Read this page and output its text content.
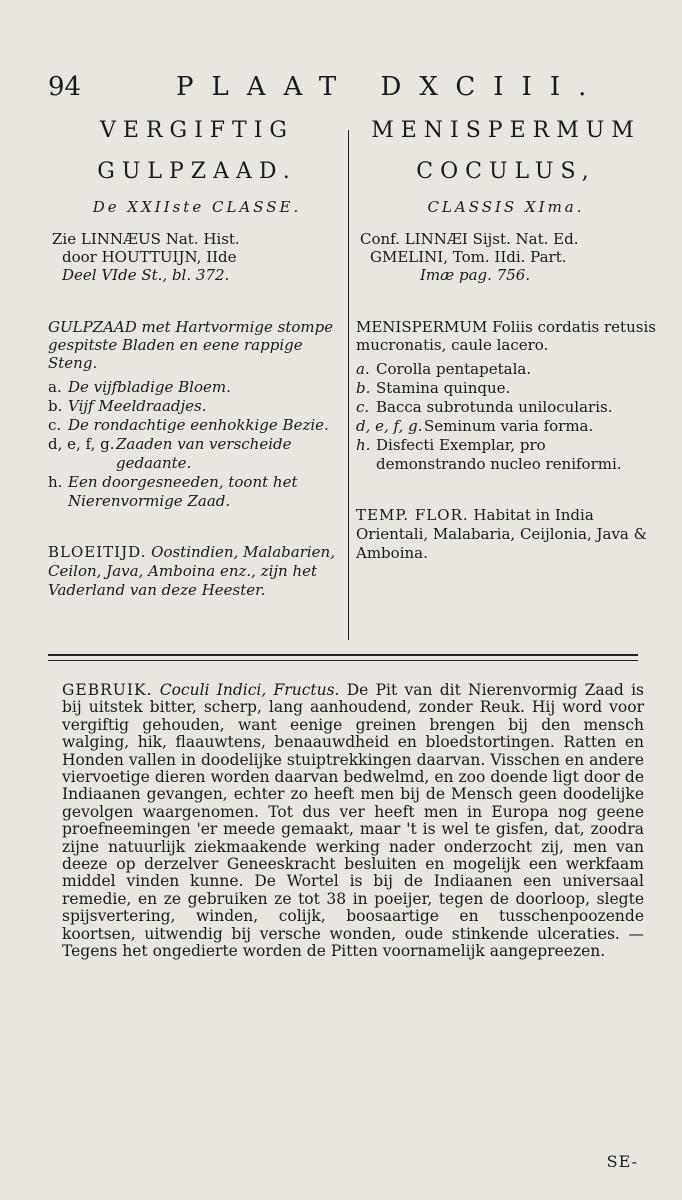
94	PLAAT DXCIII.

VERGIFTIG

GULPZAAD.

De XXIIste CLASSE.

Zie LINNÆUS Nat. Hist.
door HOUTTUIJN, IIde
Deel VIde St., bl. 372.

GULPZAAD met Hartvormige stompe gespitste Bladen en eene rappige Steng.

a. De vijfbladige Bloem.
b. Vijf Meeldraadjes.
c. De rondachtige eenhokkige Bezie.
d, e, f, g. Zaaden van verscheide gedaante.
h. Een doorgesneeden, toont het Nierenvormige Zaad.

BLOEITIJD. Oostindien, Malabarien, Ceilon, Java, Amboina enz., zijn het Vaderland van deze Heester.

MENISPERMUM

COCULUS,

CLASSIS XIma.

Conf. LINNÆI Sijst. Nat. Ed.
GMELINI, Tom. IIdi. Part.
Imæ pag. 756.

MENISPERMUM Foliis cordatis retusis mucronatis, caule lacero.

a. Corolla pentapetala.
b. Stamina quinque.
c. Bacca subrotunda unilocularis.
d, e, f, g. Seminum varia forma.
h. Disfecti Exemplar, pro demonstrando nucleo reniformi.

TEMP. FLOR. Habitat in India Orientali, Malabaria, Ceijlonia, Java & Amboina.

GEBRUIK. Coculi Indici, Fructus. De Pit van dit Nierenvormig Zaad is bij uitstek bitter, scherp, lang aanhoudend, zonder Reuk. Hij word voor vergiftig gehouden, want eenige greinen brengen bij den mensch walging, hik, flaauwtens, benaauwdheid en bloedstortingen. Ratten en Honden vallen in doodelijke stuiptrekkingen daarvan. Visschen en andere viervoetige dieren worden daarvan bedwelmd, en zoo doende ligt door de Indiaanen gevangen, echter zo heeft men bij de Mensch geen doodelijke gevolgen waargenomen. Tot dus ver heeft men in Europa nog geene proefneemingen 'er meede gemaakt, maar 't is wel te gisfen, dat, zoodra zijne natuurlijk ziekmaakende werking nader onderzocht zij, men van deeze op derzelver Geneeskracht besluiten en mogelijk een werkfaam middel vinden kunne. De Wortel is bij de Indiaanen een universaal remedie, en ze gebruiken ze tot 38 in poeijer, tegen de doorloop, slegte spijsvertering, winden, colijk, boosaartige en tusschenpoozende koortsen, uitwendig bij versche wonden, oude stinkende ulceraties. — Tegens het ongedierte worden de Pitten voornamelijk aangepreezen.

SE-
